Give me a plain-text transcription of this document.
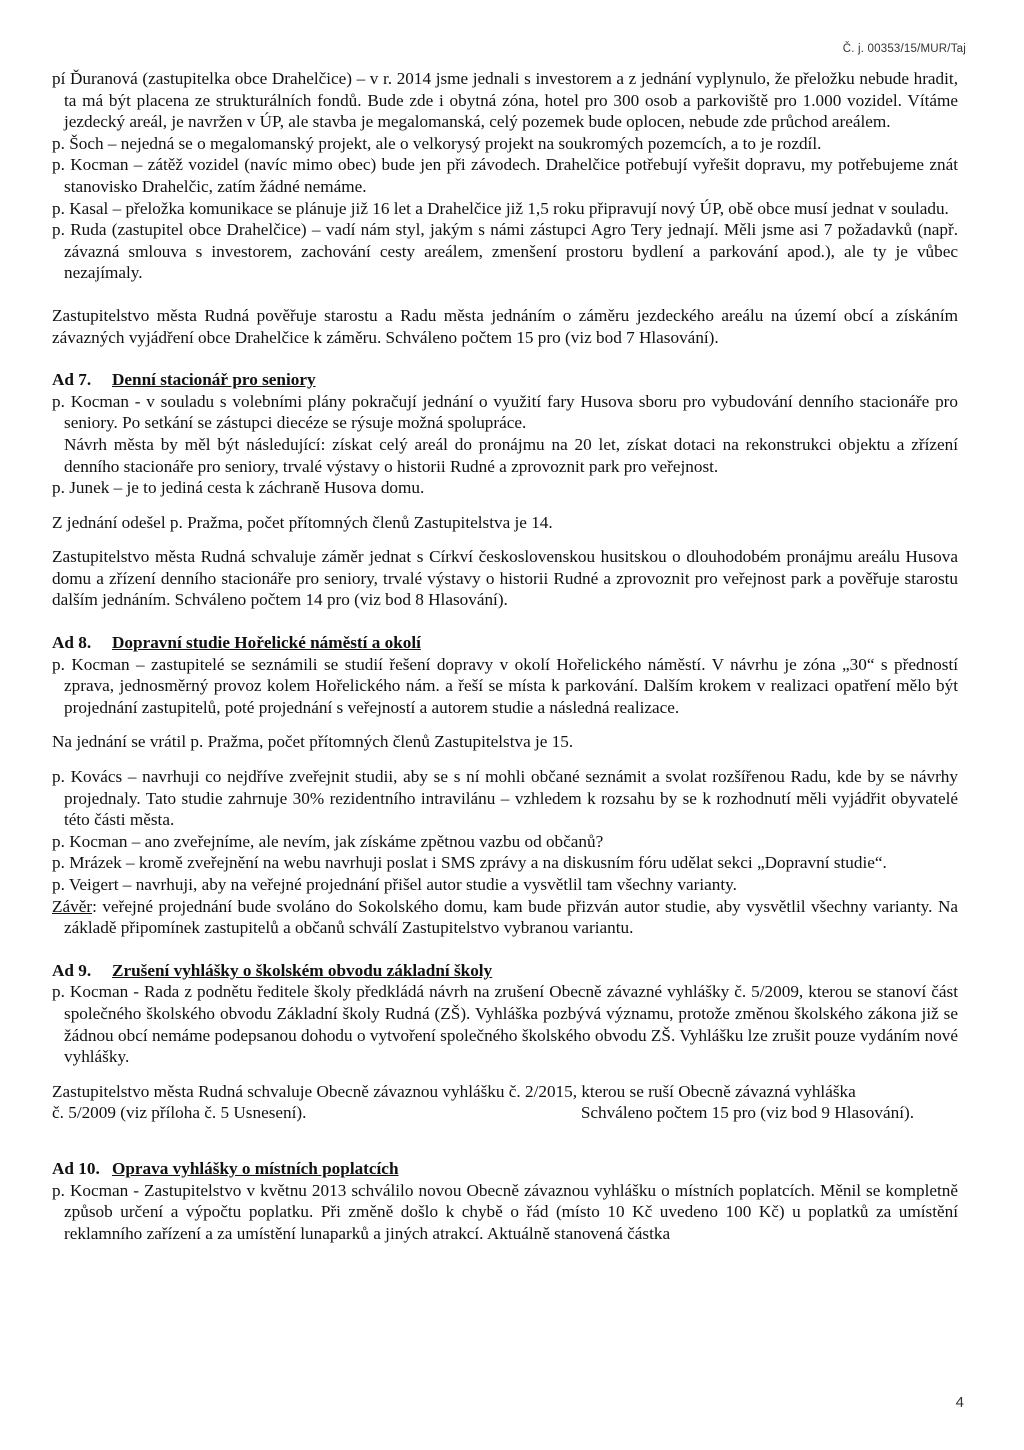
Č. j. 00353/15/MUR/Taj

pí Ďuranová (zastupitelka obce Drahelčice) – v r. 2014 jsme jednali s investorem a z jednání vyplynulo, že přeložku nebude hradit, ta má být placena ze strukturálních fondů. Bude zde i obytná zóna, hotel pro 300 osob a parkoviště pro 1.000 vozidel. Vítáme jezdecký areál, je navržen v ÚP, ale stavba je megalomanská, celý pozemek bude oplocen, nebude zde průchod areálem.

p. Šoch – nejedná se o megalomanský projekt, ale o velkorysý projekt na soukromých pozemcích, a to je rozdíl.

p. Kocman – zátěž vozidel (navíc mimo obec) bude jen při závodech. Drahelčice potřebují vyřešit dopravu, my potřebujeme znát stanovisko Drahelčic, zatím žádné nemáme.

p. Kasal – přeložka komunikace se plánuje již 16 let a Drahelčice již 1,5 roku připravují nový ÚP, obě obce musí jednat v souladu.

p. Ruda (zastupitel obce Drahelčice) – vadí nám styl, jakým s námi zástupci Agro Tery jednají. Měli jsme asi 7 požadavků (např. závazná smlouva s investorem, zachování cesty areálem, zmenšení prostoru bydlení a parkování apod.), ale ty je vůbec nezajímaly.

Zastupitelstvo města Rudná pověřuje starostu a Radu města jednáním o záměru jezdeckého areálu na území obcí a získáním závazných vyjádření obce Drahelčice k záměru. Schváleno počtem 15 pro (viz bod 7 Hlasování).

Ad 7. Denní stacionář pro seniory

p. Kocman - v souladu s volebními plány pokračují jednání o využití fary Husova sboru pro vybudování denního stacionáře pro seniory. Po setkání se zástupci diecéze se rýsuje možná spolupráce.

Návrh města by měl být následující: získat celý areál do pronájmu na 20 let, získat dotaci na rekonstrukci objektu a zřízení denního stacionáře pro seniory, trvalé výstavy o historii Rudné a zprovoznit park pro veřejnost.

p. Junek – je to jediná cesta k záchraně Husova domu.

Z jednání odešel p. Pražma, počet přítomných členů Zastupitelstva je 14.

Zastupitelstvo města Rudná schvaluje záměr jednat s Církví československou husitskou o dlouhodobém pronájmu areálu Husova domu a zřízení denního stacionáře pro seniory, trvalé výstavy o historii Rudné a zprovoznit pro veřejnost park a pověřuje starostu dalším jednáním. Schváleno počtem 14 pro (viz bod 8 Hlasování).

Ad 8. Dopravní studie Hořelické náměstí a okolí

p. Kocman – zastupitelé se seznámili se studií řešení dopravy v okolí Hořelického náměstí. V návrhu je zóna „30“ s předností zprava, jednosměrný provoz kolem Hořelického nám. a řeší se místa k parkování. Dalším krokem v realizaci opatření mělo být projednání zastupitelů, poté projednání s veřejností a autorem studie a následná realizace.

Na jednání se vrátil p. Pražma, počet přítomných členů Zastupitelstva je 15.

p. Kovács – navrhuji co nejdříve zveřejnit studii, aby se s ní mohli občané seznámit a svolat rozšířenou Radu, kde by se návrhy projednaly. Tato studie zahrnuje 30% rezidentního intravilánu – vzhledem k rozsahu by se k rozhodnutí měli vyjádřit obyvatelé této části města.

p. Kocman – ano zveřejníme, ale nevím, jak získáme zpětnou vazbu od občanů?

p. Mrázek – kromě zveřejnění na webu navrhuji poslat i SMS zprávy a na diskusním fóru udělat sekci „Dopravní studie“.

p. Veigert – navrhuji, aby na veřejné projednání přišel autor studie a vysvětlil tam všechny varianty.

Závěr: veřejné projednání bude svoláno do Sokolského domu, kam bude přizván autor studie, aby vysvětlil všechny varianty. Na základě připomínek zastupitelů a občanů schválí Zastupitelstvo vybranou variantu.

Ad 9. Zrušení vyhlášky o školském obvodu základní školy

p. Kocman - Rada z podnětu ředitele školy předkládá návrh na zrušení Obecně závazné vyhlášky č. 5/2009, kterou se stanoví část společného školského obvodu Základní školy Rudná (ZŠ). Vyhláška pozbývá významu, protože změnou školského zákona již se žádnou obcí nemáme podepsanou dohodu o vytvoření společného školského obvodu ZŠ. Vyhlášku lze zrušit pouze vydáním nové vyhlášky.

Zastupitelstvo města Rudná schvaluje Obecně závaznou vyhlášku č. 2/2015, kterou se ruší Obecně závazná vyhláška

č. 5/2009 (viz příloha č. 5 Usnesení).	Schváleno počtem 15 pro (viz bod 9 Hlasování).

Ad 10. Oprava vyhlášky o místních poplatcích

p. Kocman - Zastupitelstvo v květnu 2013 schválilo novou Obecně závaznou vyhlášku o místních poplatcích. Měnil se kompletně způsob určení a výpočtu poplatku. Při změně došlo k chybě o řád (místo 10 Kč uvedeno 100 Kč) u poplatků za umístění reklamního zařízení a za umístění lunaparků a jiných atrakcí. Aktuálně stanovená částka

4
